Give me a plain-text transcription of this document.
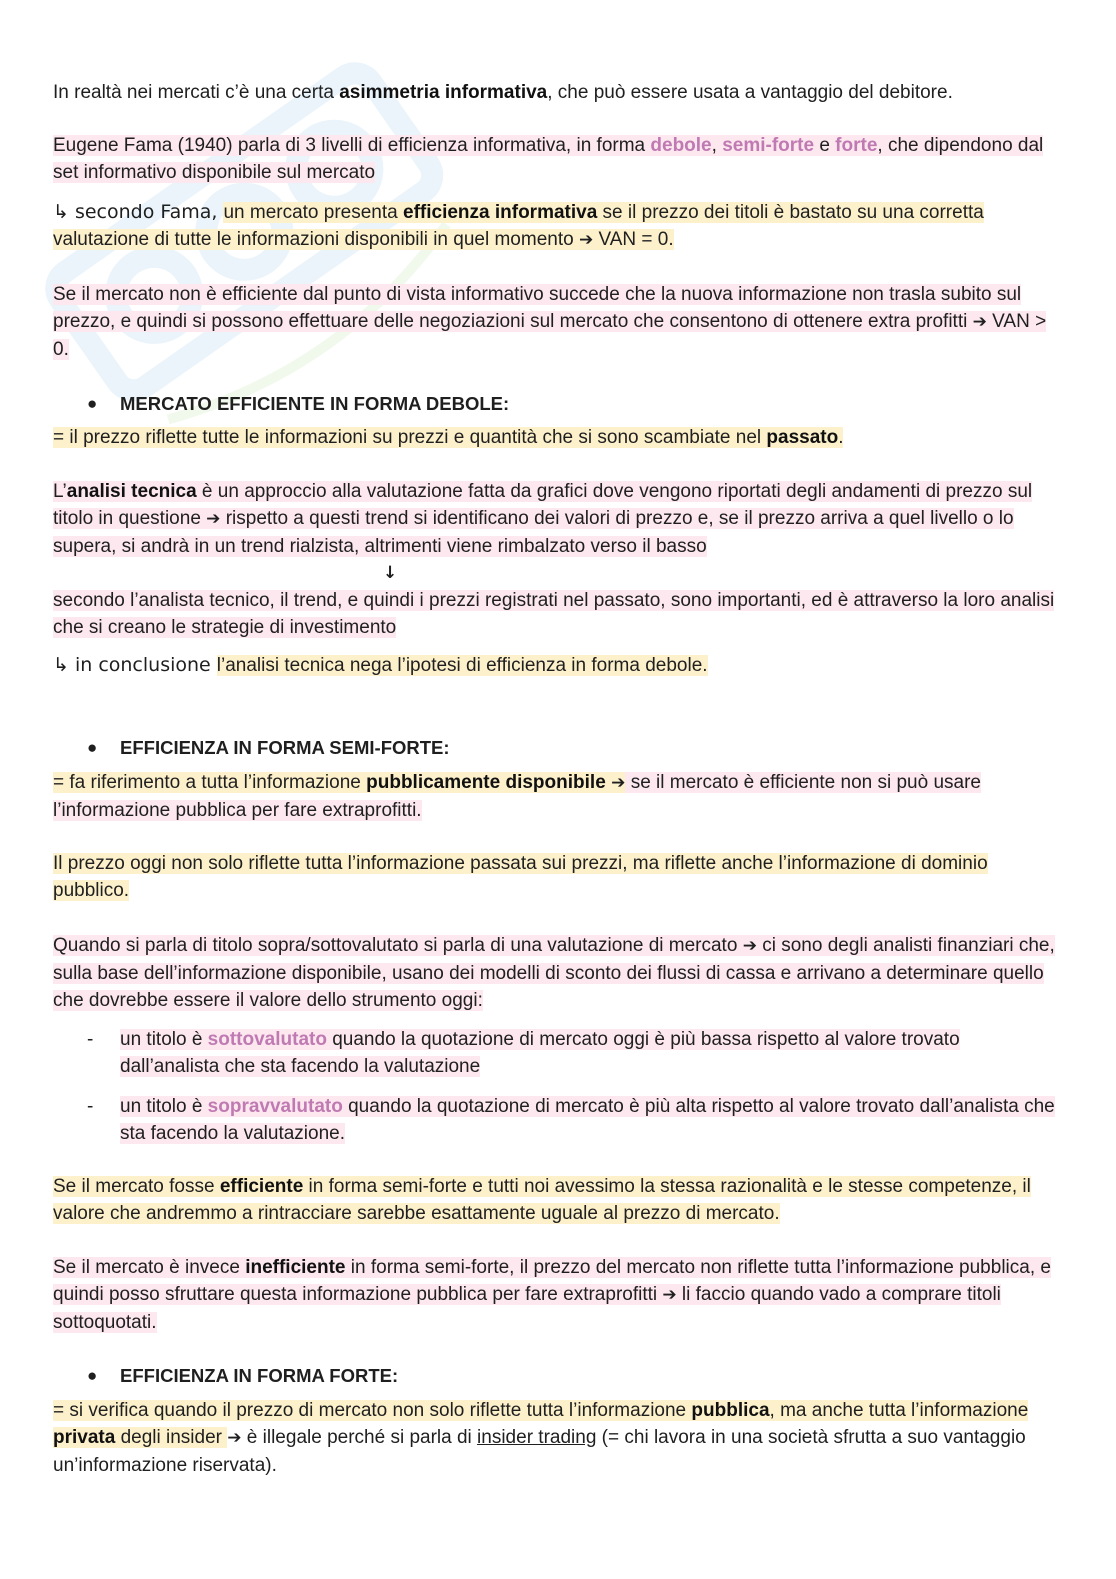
In realtà nei mercati c’è una certa asimmetria informativa, che può essere usata a vantaggio del debitore.
Eugene Fama (1940) parla di 3 livelli di efficienza informativa, in forma debole, semi-forte e forte, che dipendono dal set informativo disponibile sul mercato
↳ secondo Fama, un mercato presenta efficienza informativa se il prezzo dei titoli è bastato su una corretta valutazione di tutte le informazioni disponibili in quel momento ➔ VAN = 0.
Se il mercato non è efficiente dal punto di vista informativo succede che la nuova informazione non trasla subito sul prezzo, e quindi si possono effettuare delle negoziazioni sul mercato che consentono di ottenere extra profitti ➔ VAN > 0.
● MERCATO EFFICIENTE IN FORMA DEBOLE:
= il prezzo riflette tutte le informazioni su prezzi e quantità che si sono scambiate nel passato.
L’analisi tecnica è un approccio alla valutazione fatta da grafici dove vengono riportati degli andamenti di prezzo sul titolo in questione ➔ rispetto a questi trend si identificano dei valori di prezzo e, se il prezzo arriva a quel livello o lo supera, si andrà in un trend rialzista, altrimenti viene rimbalzato verso il basso
↓
secondo l’analista tecnico, il trend, e quindi i prezzi registrati nel passato, sono importanti, ed è attraverso la loro analisi che si creano le strategie di investimento
↳ in conclusione l’analisi tecnica nega l’ipotesi di efficienza in forma debole.
● EFFICIENZA IN FORMA SEMI-FORTE:
= fa riferimento a tutta l’informazione pubblicamente disponibile ➔ se il mercato è efficiente non si può usare l’informazione pubblica per fare extraprofitti.
Il prezzo oggi non solo riflette tutta l’informazione passata sui prezzi, ma riflette anche l’informazione di dominio pubblico.
Quando si parla di titolo sopra/sottovalutato si parla di una valutazione di mercato ➔ ci sono degli analisti finanziari che, sulla base dell’informazione disponibile, usano dei modelli di sconto dei flussi di cassa e arrivano a determinare quello che dovrebbe essere il valore dello strumento oggi:
- un titolo è sottovalutato quando la quotazione di mercato oggi è più bassa rispetto al valore trovato dall’analista che sta facendo la valutazione
- un titolo è sopravvalutato quando la quotazione di mercato è più alta rispetto al valore trovato dall’analista che sta facendo la valutazione.
Se il mercato fosse efficiente in forma semi-forte e tutti noi avessimo la stessa razionalità e le stesse competenze, il valore che andremmo a rintracciare sarebbe esattamente uguale al prezzo di mercato.
Se il mercato è invece inefficiente in forma semi-forte, il prezzo del mercato non riflette tutta l’informazione pubblica, e quindi posso sfruttare questa informazione pubblica per fare extraprofitti ➔ li faccio quando vado a comprare titoli sottoquotati.
● EFFICIENZA IN FORMA FORTE:
= si verifica quando il prezzo di mercato non solo riflette tutta l’informazione pubblica, ma anche tutta l’informazione privata degli insider ➔ è illegale perché si parla di insider trading (= chi lavora in una società sfrutta a suo vantaggio un’informazione riservata).
